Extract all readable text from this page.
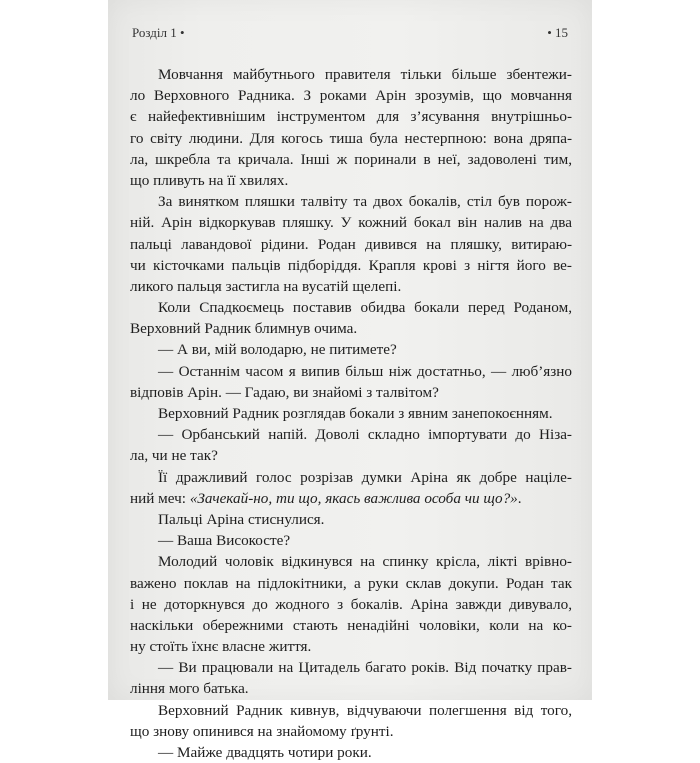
Розділ 1 •	• 15
Мовчання майбутнього правителя тільки більше збентежи-
ло Верховного Радника. З роками Арін зрозумів, що мовчання
є найефективнішим інструментом для з’ясування внутрішньо-
го світу людини. Для когось тиша була нестерпною: вона дряпа-
ла, шкребла та кричала. Інші ж поринали в неї, задоволені тим,
що пливуть на її хвилях.
За винятком пляшки талвіту та двох бокалів, стіл був порож-
ній. Арін відкоркував пляшку. У кожний бокал він налив на два
пальці лавандової рідини. Родан дивився на пляшку, витираю-
чи кісточками пальців підборіддя. Крапля крові з нігтя його ве-
ликого пальця застигла на вусатій щелепі.
Коли Спадкоємець поставив обидва бокали перед Роданом,
Верховний Радник блимнув очима.
— А ви, мій володарю, не питимете?
— Останнім часом я випив більш ніж достатньо, — люб’язно
відповів Арін. — Гадаю, ви знайомі з талвітом?
Верховний Радник розглядав бокали з явним занепокоєнням.
— Орбанський напій. Доволі складно імпортувати до Ніза-
ла, чи не так?
Її дражливий голос розрізав думки Аріна як добре націле-
ний меч: «Зачекай-но, ти що, якась важлива особа чи що?».
Пальці Аріна стиснулися.
— Ваша Високосте?
Молодий чоловік відкинувся на спинку крісла, лікті врівно-
важено поклав на підлокітники, а руки склав докупи. Родан так
і не доторкнувся до жодного з бокалів. Аріна завжди дивувало,
наскільки обережними стають ненадійні чоловіки, коли на ко-
ну стоїть їхнє власне життя.
— Ви працювали на Цитадель багато років. Від початку прав-
ління мого батька.
Верховний Радник кивнув, відчуваючи полегшення від того,
що знову опинився на знайомому ґрунті.
— Майже двадцять чотири роки.
